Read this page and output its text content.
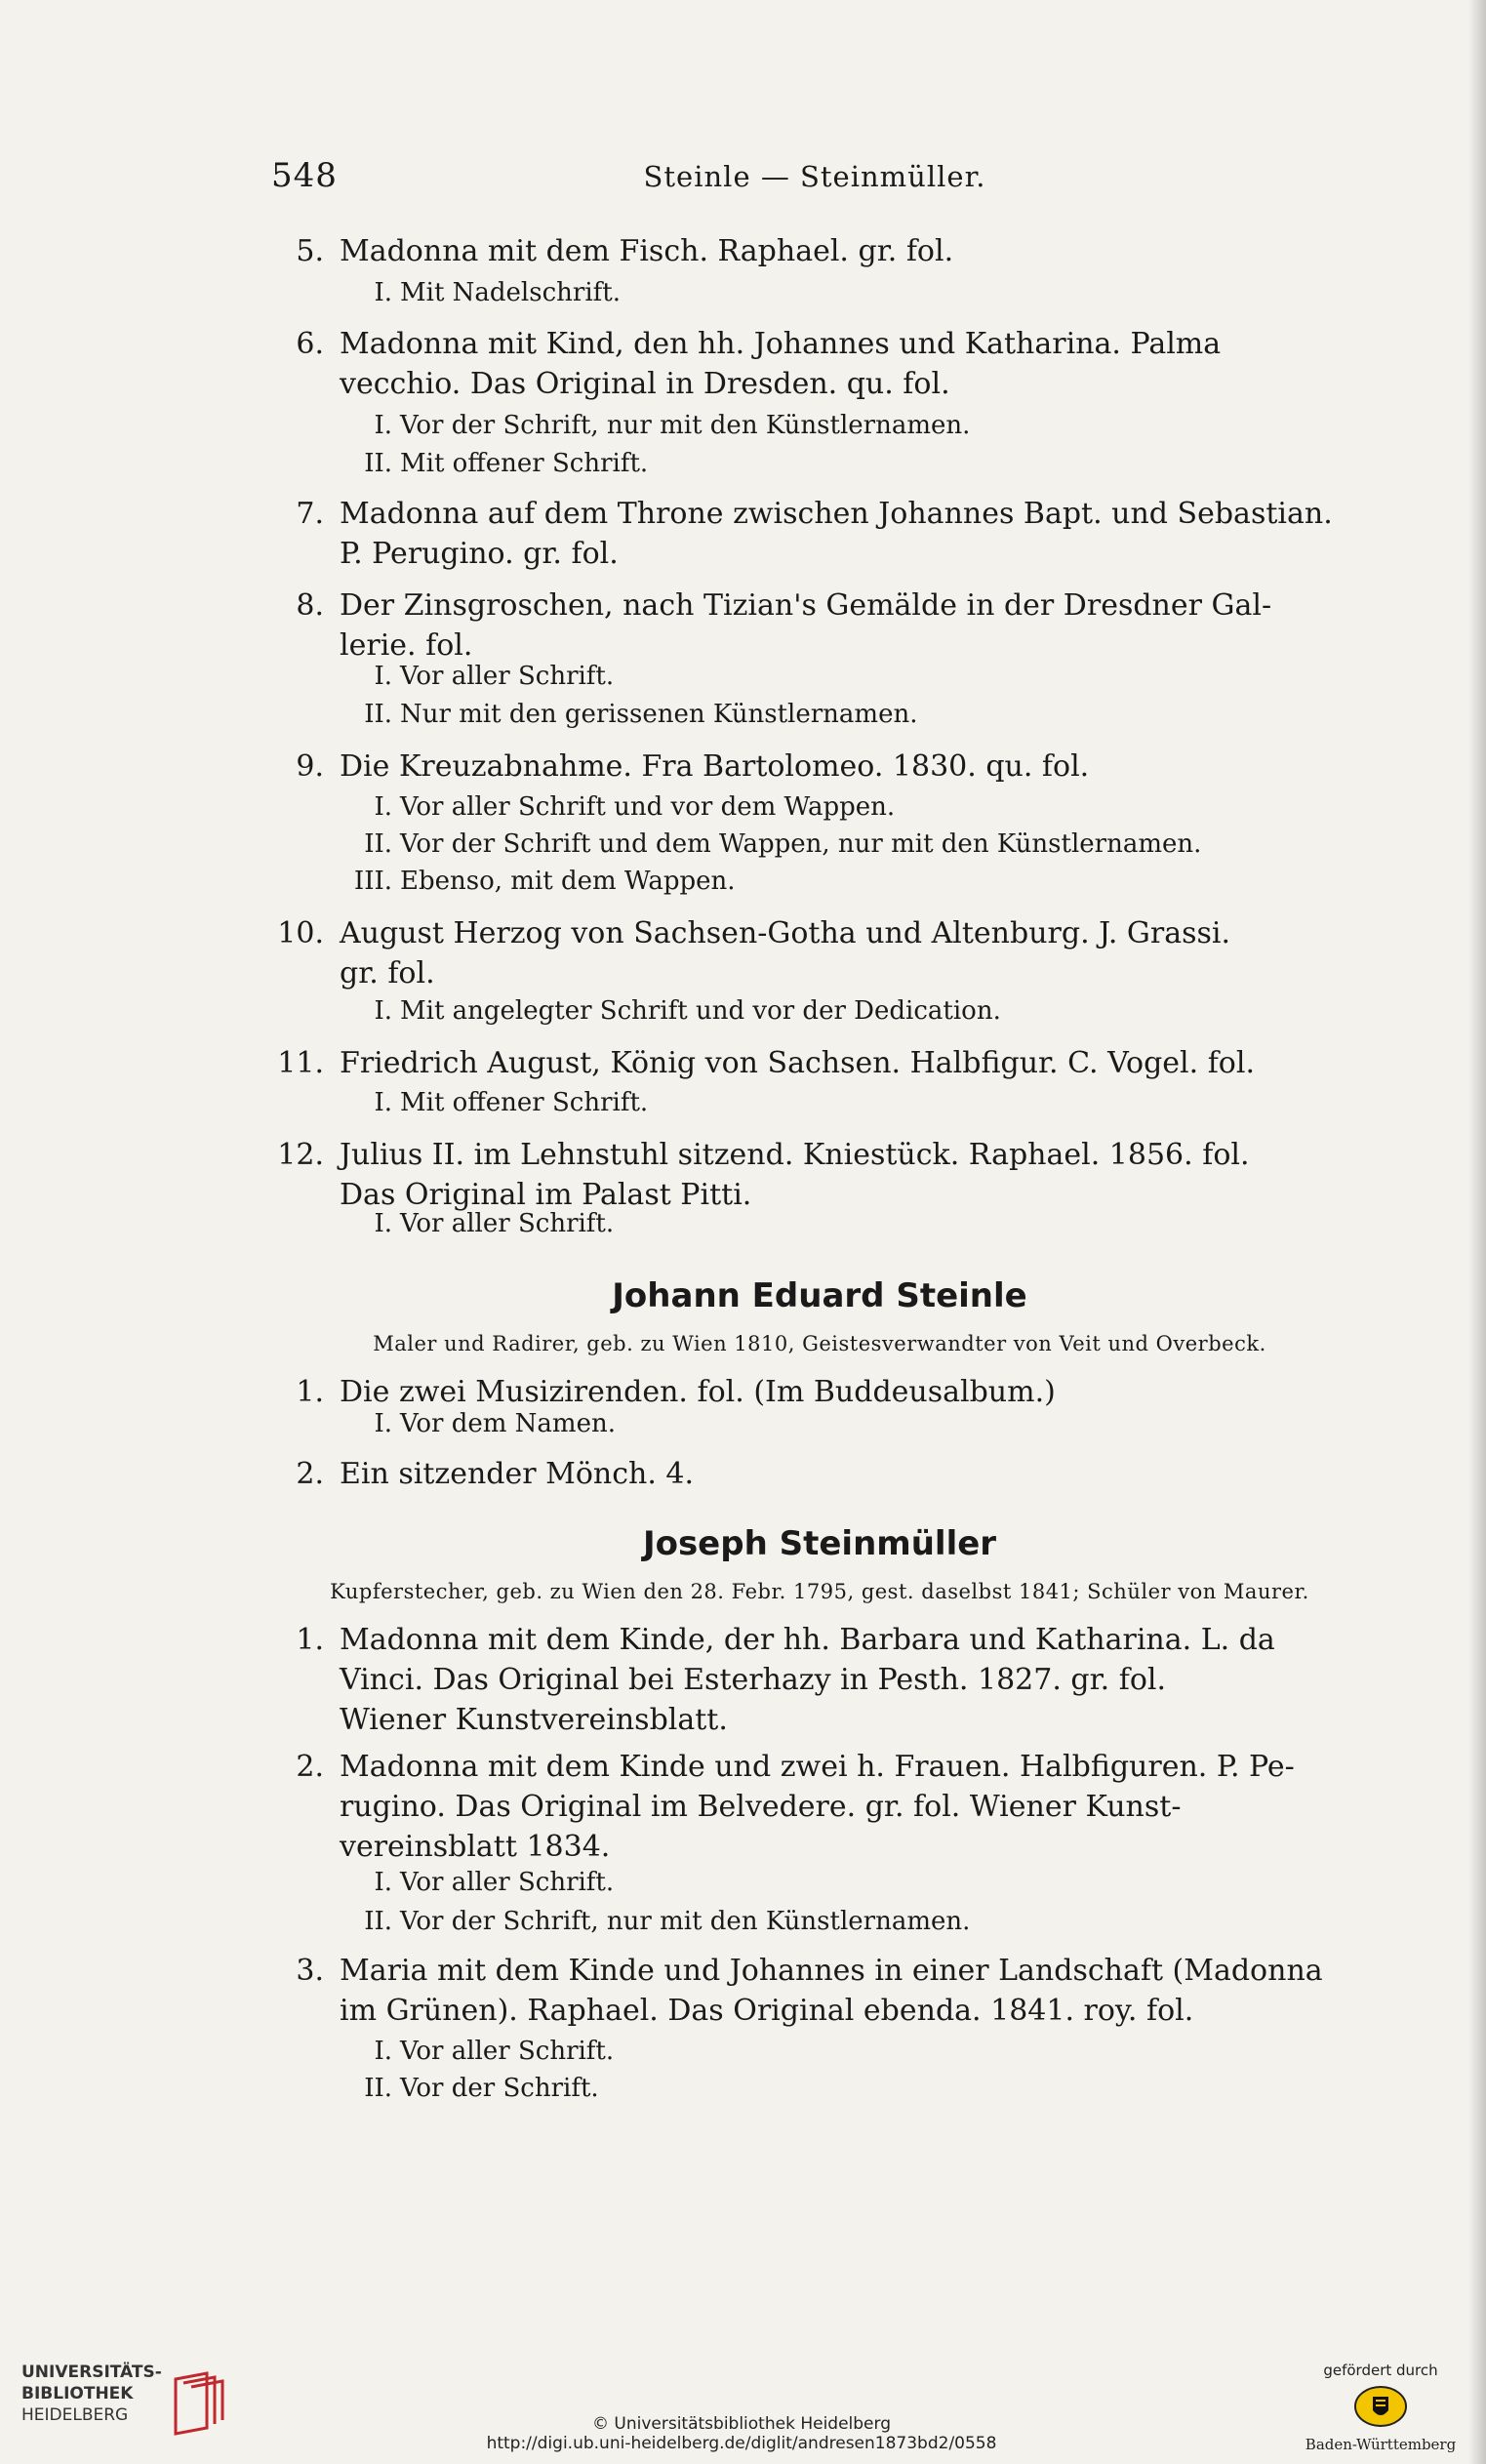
548	Steinle — Steinmüller.
5. Madonna mit dem Fisch. Raphael. gr. fol.
I. Mit Nadelschrift.
6. Madonna mit Kind, den hh. Johannes und Katharina. Palma
vecchio. Das Original in Dresden. qu. fol.
I. Vor der Schrift, nur mit den Künstlernamen.
II. Mit offener Schrift.
7. Madonna auf dem Throne zwischen Johannes Bapt. und Sebastian.
P. Perugino. gr. fol.
8. Der Zinsgroschen, nach Tizian's Gemälde in der Dresdner Gal-
lerie. fol.
I. Vor aller Schrift.
II. Nur mit den gerissenen Künstlernamen.
9. Die Kreuzabnahme. Fra Bartolomeo. 1830. qu. fol.
I. Vor aller Schrift und vor dem Wappen.
II. Vor der Schrift und dem Wappen, nur mit den Künstlernamen.
III. Ebenso, mit dem Wappen.
10. August Herzog von Sachsen-Gotha und Altenburg. J. Grassi.
gr. fol.
I. Mit angelegter Schrift und vor der Dedication.
11. Friedrich August, König von Sachsen. Halbfigur. C. Vogel. fol.
I. Mit offener Schrift.
12. Julius II. im Lehnstuhl sitzend. Kniestück. Raphael. 1856. fol.
Das Original im Palast Pitti.
I. Vor aller Schrift.
Johann Eduard Steinle
Maler und Radirer, geb. zu Wien 1810, Geistesverwandter von Veit und Overbeck.
1. Die zwei Musizirenden. fol. (Im Buddeusalbum.)
I. Vor dem Namen.
2. Ein sitzender Mönch. 4.
Joseph Steinmüller
Kupferstecher, geb. zu Wien den 28. Febr. 1795, gest. daselbst 1841; Schüler von Maurer.
1. Madonna mit dem Kinde, der hh. Barbara und Katharina. L. da
Vinci. Das Original bei Esterhazy in Pesth. 1827. gr. fol.
Wiener Kunstvereinsblatt.
2. Madonna mit dem Kinde und zwei h. Frauen. Halbfiguren. P. Pe-
rugino. Das Original im Belvedere. gr. fol. Wiener Kunst-
vereinsblatt 1834.
I. Vor aller Schrift.
II. Vor der Schrift, nur mit den Künstlernamen.
3. Maria mit dem Kinde und Johannes in einer Landschaft (Madonna
im Grünen). Raphael. Das Original ebenda. 1841. roy. fol.
I. Vor aller Schrift.
II. Vor der Schrift.
UNIVERSITÄTS-
BIBLIOTHEK
HEIDELBERG	© Universitätsbibliothek Heidelberg
http://digi.ub.uni-heidelberg.de/diglit/andresen1873bd2/0558
gefördert durch
Baden-Württemberg
